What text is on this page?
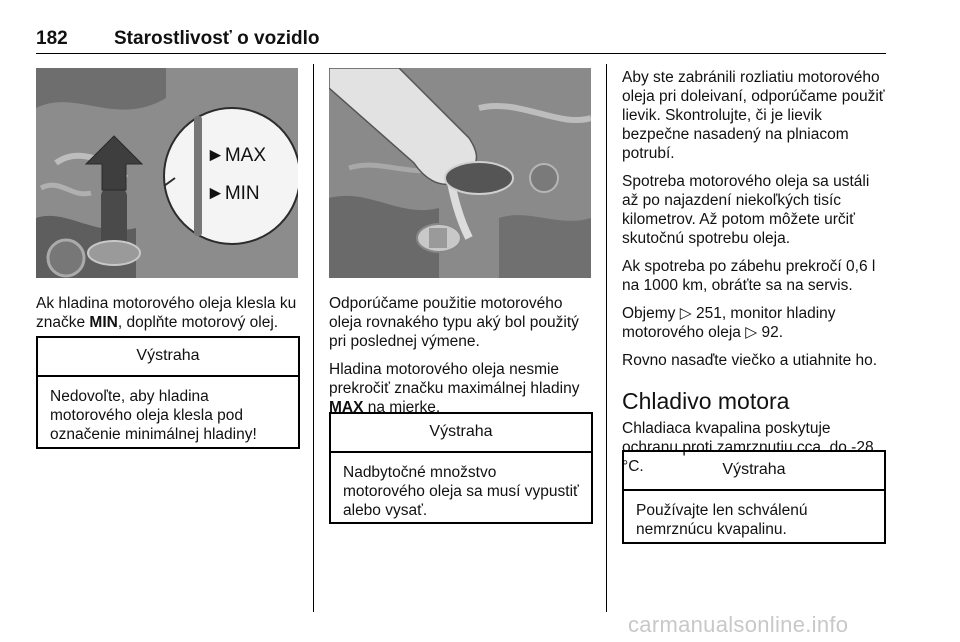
182 Starostlivosť o vozidlo
►MAX
►MIN

Ak hladina motorového oleja klesla ku značke MIN, doplňte motorový olej.

Výstraha
Nedovoľte, aby hladina motorového oleja klesla pod označenie minimálnej hladiny!

Odporúčame použitie motorového oleja rovnakého typu aký bol použitý pri poslednej výmene.

Hladina motorového oleja nesmie prekročiť značku maximálnej hladiny MAX na mierke.

Výstraha
Nadbytočné množstvo motorového oleja sa musí vypustiť alebo vysať.

Aby ste zabránili rozliatiu motorového oleja pri doleivaní, odporúčame použiť lievik. Skontrolujte, či je lievik bezpečne nasadený na plniacom potrubí.

Spotreba motorového oleja sa ustáli až po najazdení niekoľkých tisíc kilometrov. Až potom môžete určiť skutočnú spotrebu oleja.

Ak spotreba po zábehu prekročí 0,6 l na 1000 km, obráťte sa na servis.

Objemy ▷ 251, monitor hladiny motorového oleja ▷ 92.

Rovno nasaďte viečko a utiahnite ho.

Chladivo motora

Chladiaca kvapalina poskytuje ochranu proti zamrznutiu cca. do -28 °C.	Výstraha
Používajte len schválenú nemrznúcu kvapalinu.
carmanualsonline.info
